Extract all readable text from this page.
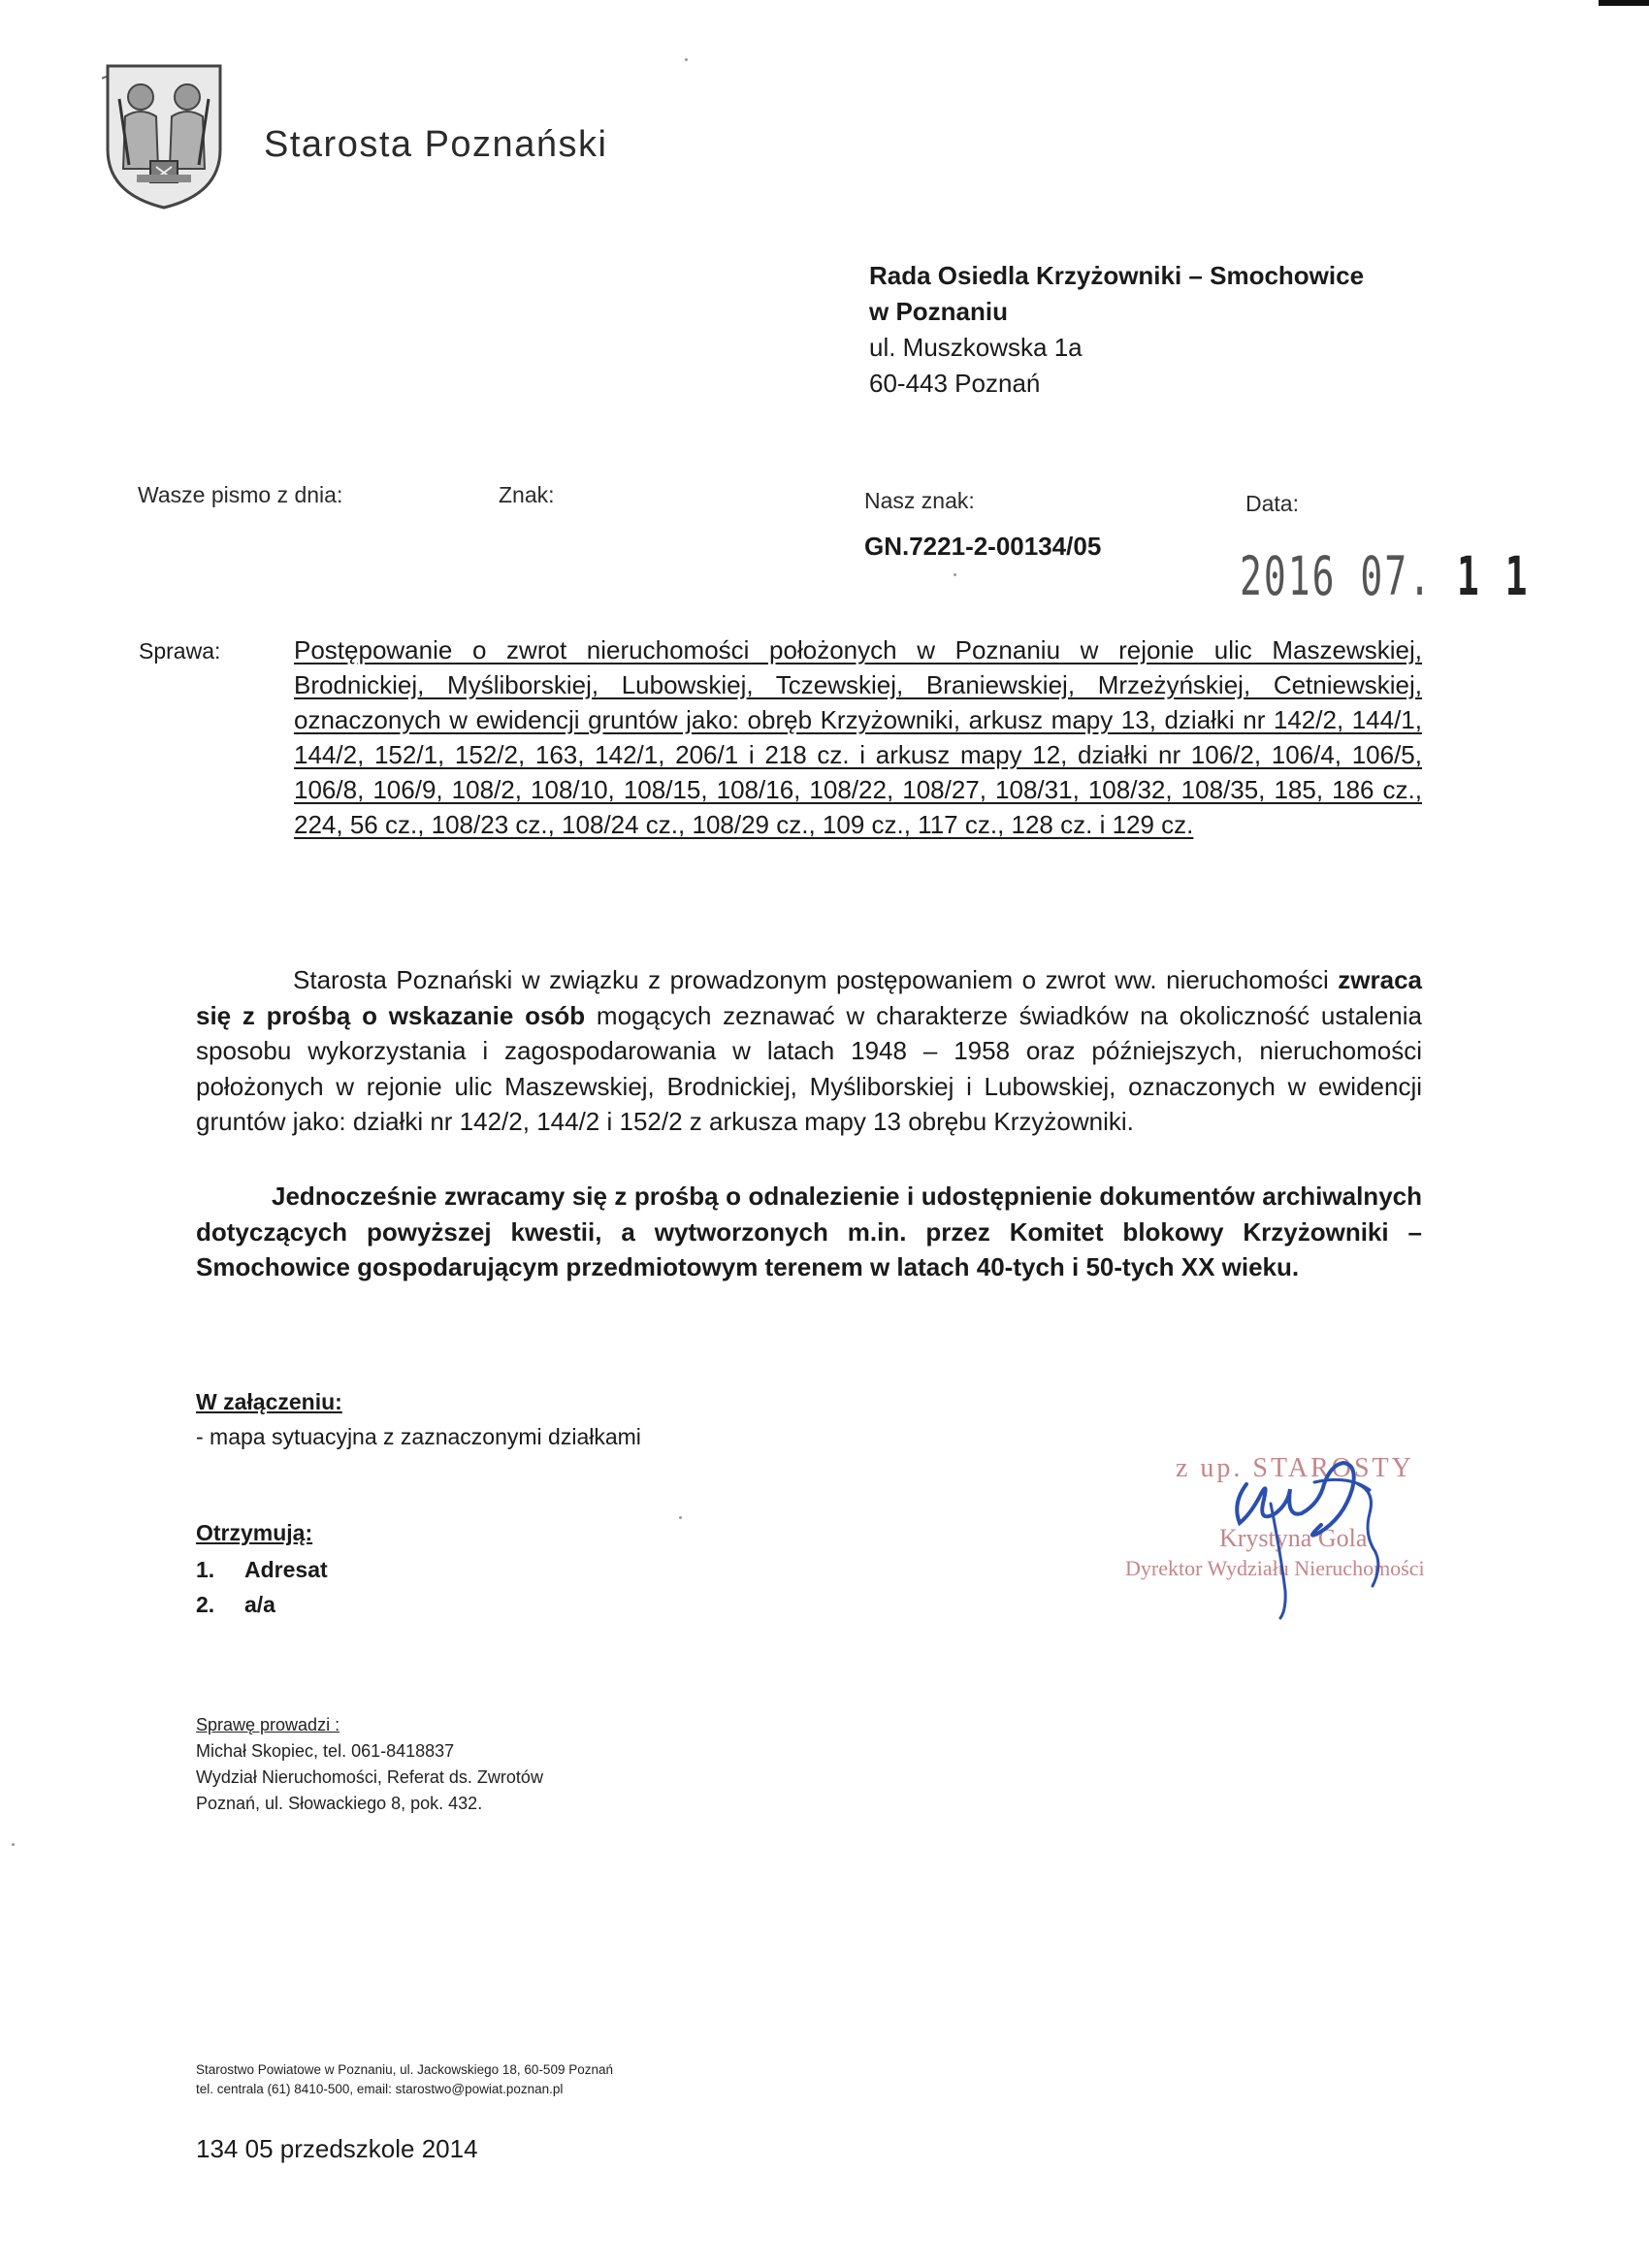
Starosta Poznański
Rada Osiedla Krzyżowniki – Smochowice
w Poznaniu
ul. Muszkowska 1a
60-443 Poznań
Wasze pismo z dnia:	Znak:	Nasz znak:
GN.7221-2-00134/05
Data:
2016 07. 1 1
Sprawa:	Postępowanie o zwrot nieruchomości położonych w Poznaniu w rejonie ulic Maszewskiej, Brodnickiej, Myśliborskiej, Lubowskiej, Tczewskiej, Braniewskiej, Mrzeżyńskiej, Cetniewskiej, oznaczonych w ewidencji gruntów jako: obręb Krzyżowniki, arkusz mapy 13, działki nr 142/2, 144/1, 144/2, 152/1, 152/2, 163, 142/1, 206/1 i 218 cz. i arkusz mapy 12, działki nr 106/2, 106/4, 106/5, 106/8, 106/9, 108/2, 108/10, 108/15, 108/16, 108/22, 108/27, 108/31, 108/32, 108/35, 185, 186 cz., 224, 56 cz., 108/23 cz., 108/24 cz., 108/29 cz., 109 cz., 117 cz., 128 cz. i 129 cz.
Starosta Poznański w związku z prowadzonym postępowaniem o zwrot ww. nieruchomości zwraca się z prośbą o wskazanie osób mogących zeznawać w charakterze świadków na okoliczność ustalenia sposobu wykorzystania i zagospodarowania w latach 1948 – 1958 oraz późniejszych, nieruchomości położonych w rejonie ulic Maszewskiej, Brodnickiej, Myśliborskiej i Lubowskiej, oznaczonych w ewidencji gruntów jako: działki nr 142/2, 144/2 i 152/2 z arkusza mapy 13 obrębu Krzyżowniki.
Jednocześnie zwracamy się z prośbą o odnalezienie i udostępnienie dokumentów archiwalnych dotyczących powyższej kwestii, a wytworzonych m.in. przez Komitet blokowy Krzyżowniki – Smochowice gospodarującym przedmiotowym terenem w latach 40-tych i 50-tych XX wieku.
W załączeniu:
- mapa sytuacyjna z zaznaczonymi działkami
Otrzymują:
1. Adresat
2. a/a
z up. STAROSTY
Krystyna Gola
Dyrektor Wydziału Nieruchomości
Sprawę prowadzi :
Michał Skopiec, tel. 061-8418837
Wydział Nieruchomości, Referat ds. Zwrotów
Poznań, ul. Słowackiego 8, pok. 432.
Starostwo Powiatowe w Poznaniu, ul. Jackowskiego 18, 60-509 Poznań
tel. centrala (61) 8410-500, email: starostwo@powiat.poznan.pl
134 05 przedszkole 2014
